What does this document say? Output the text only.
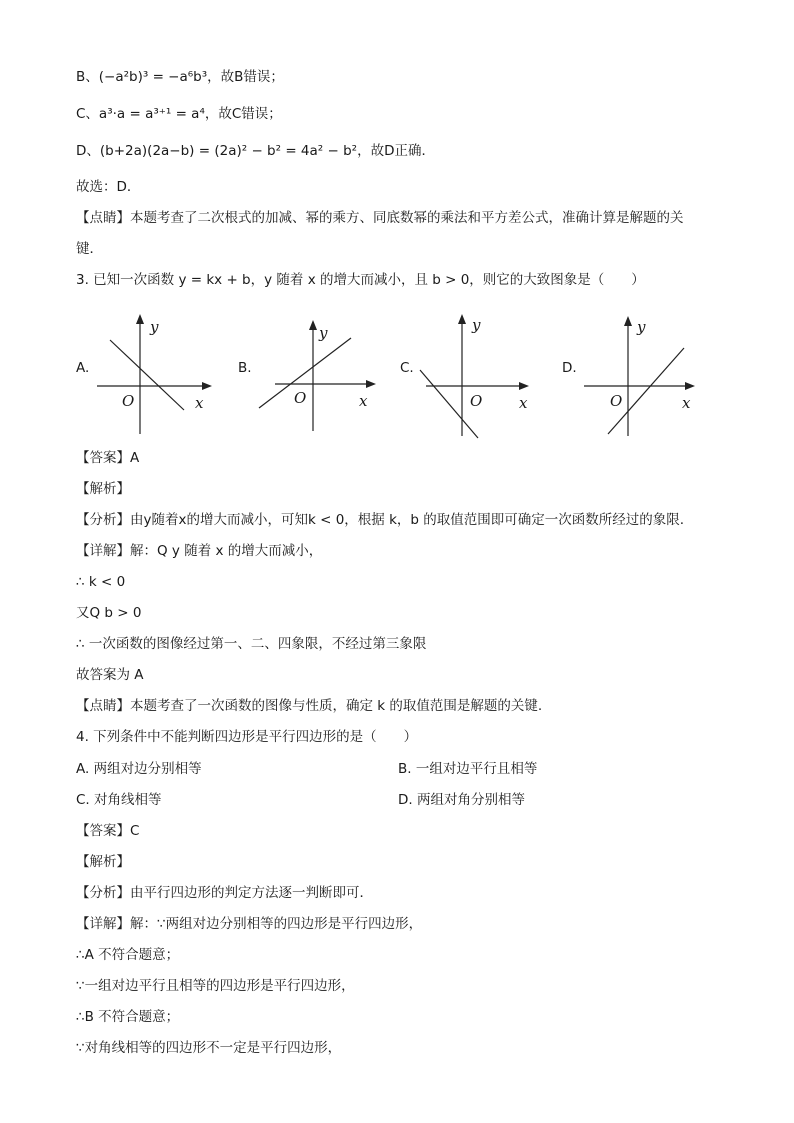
B、(−a²b)³ = −a⁶b³，故B错误；
C、a³·a = a³⁺¹ = a⁴，故C错误；
D、(b+2a)(2a−b) = (2a)² − b² = 4a² − b²，故D正确．
故选：D．
【点睛】本题考查了二次根式的加减、幂的乘方、同底数幂的乘法和平方差公式，准确计算是解题的关
键．
3. 已知一次函数 y = kx + b，y 随着 x 的增大而减小，且 b > 0，则它的大致图象是（　　）
A.
y
x
O
B.
y
x
O
C.
y
x
O
D.
y
x
O
【答案】A
【解析】
【分析】由y随着x的增大而减小，可知k < 0，根据 k，b 的取值范围即可确定一次函数所经过的象限.
【详解】解：Q y 随着 x 的增大而减小，
∴ k < 0
又Q b > 0
∴ 一次函数的图像经过第一、二、四象限，不经过第三象限
故答案为 A
【点睛】本题考查了一次函数的图像与性质，确定 k 的取值范围是解题的关键.
4. 下列条件中不能判断四边形是平行四边形的是（　　）
A. 两组对边分别相等	B. 一组对边平行且相等
C. 对角线相等	D. 两组对角分别相等
【答案】C
【解析】
【分析】由平行四边形的判定方法逐一判断即可．
【详解】解：∵两组对边分别相等的四边形是平行四边形，
∴A 不符合题意；
∵一组对边平行且相等的四边形是平行四边形，
∴B 不符合题意；
∵对角线相等的四边形不一定是平行四边形，
